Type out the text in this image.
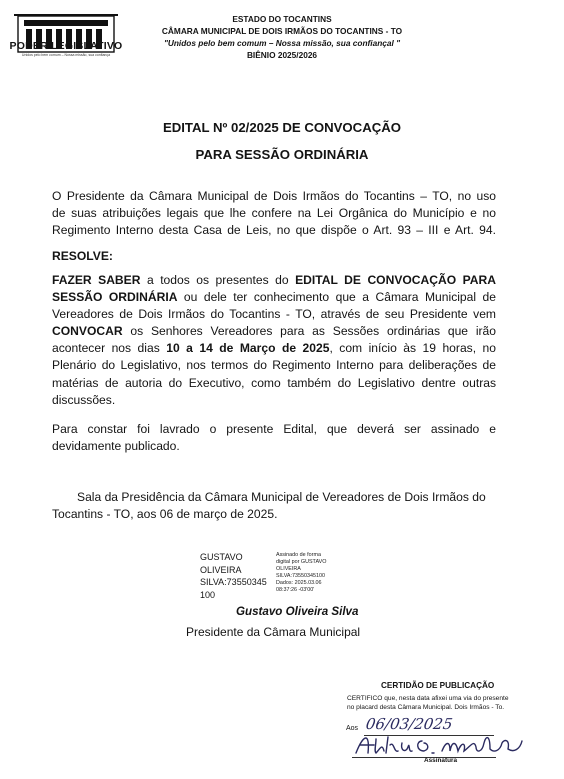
PODER LEGISLATIVO
Unidos pelo bem comum – Nossa missão, sua confiança
ESTADO DO TOCANTINS
CÂMARA MUNICIPAL DE DOIS IRMÃOS DO TOCANTINS - TO
"Unidos pelo bem comum – Nossa missão, sua confiançal "
BIÊNIO 2025/2026
EDITAL Nº 02/2025 DE CONVOCAÇÃO
PARA SESSÃO ORDINÁRIA
O Presidente da Câmara Municipal de Dois Irmãos do Tocantins – TO, no uso
de suas atribuições legais que lhe confere na Lei Orgânica do Município e no
Regimento Interno desta Casa de Leis, no que dispõe o Art. 93 – III e Art. 94.
RESOLVE:
FAZER SABER a todos os presentes do EDITAL DE CONVOCAÇÃO PARA
SESSÃO ORDINÁRIA ou dele ter conhecimento que a Câmara Municipal de
Vereadores de Dois Irmãos do Tocantins - TO, através de seu Presidente vem
CONVOCAR os Senhores Vereadores para as Sessões ordinárias que irão
acontecer nos dias 10 a 14 de Março de 2025, com início às 19 horas, no
Plenário do Legislativo, nos termos do Regimento Interno para deliberações de
matérias de autoria do Executivo, como também do Legislativo dentre outras
discussões.
Para constar foi lavrado o presente Edital, que deverá ser assinado e
devidamente publicado.
Sala da Presidência da Câmara Municipal de Vereadores de Dois Irmãos do
Tocantins - TO, aos 06 de março de 2025.
GUSTAVO
OLIVEIRA
SILVA:73550345
100
Assinado de forma
digital por GUSTAVO
OLIVEIRA
SILVA:73550345100
Dados: 2025.03.06
08:37:26 -03'00'
Gustavo Oliveira Silva
Presidente da Câmara Municipal
CERTIDÃO DE PUBLICAÇÃO
CERTIFICO que, nesta data afixei uma via do presente
no placard desta Câmara Municipal. Dois Irmãos - To.
Aos 06/03/2025
Assinatura
